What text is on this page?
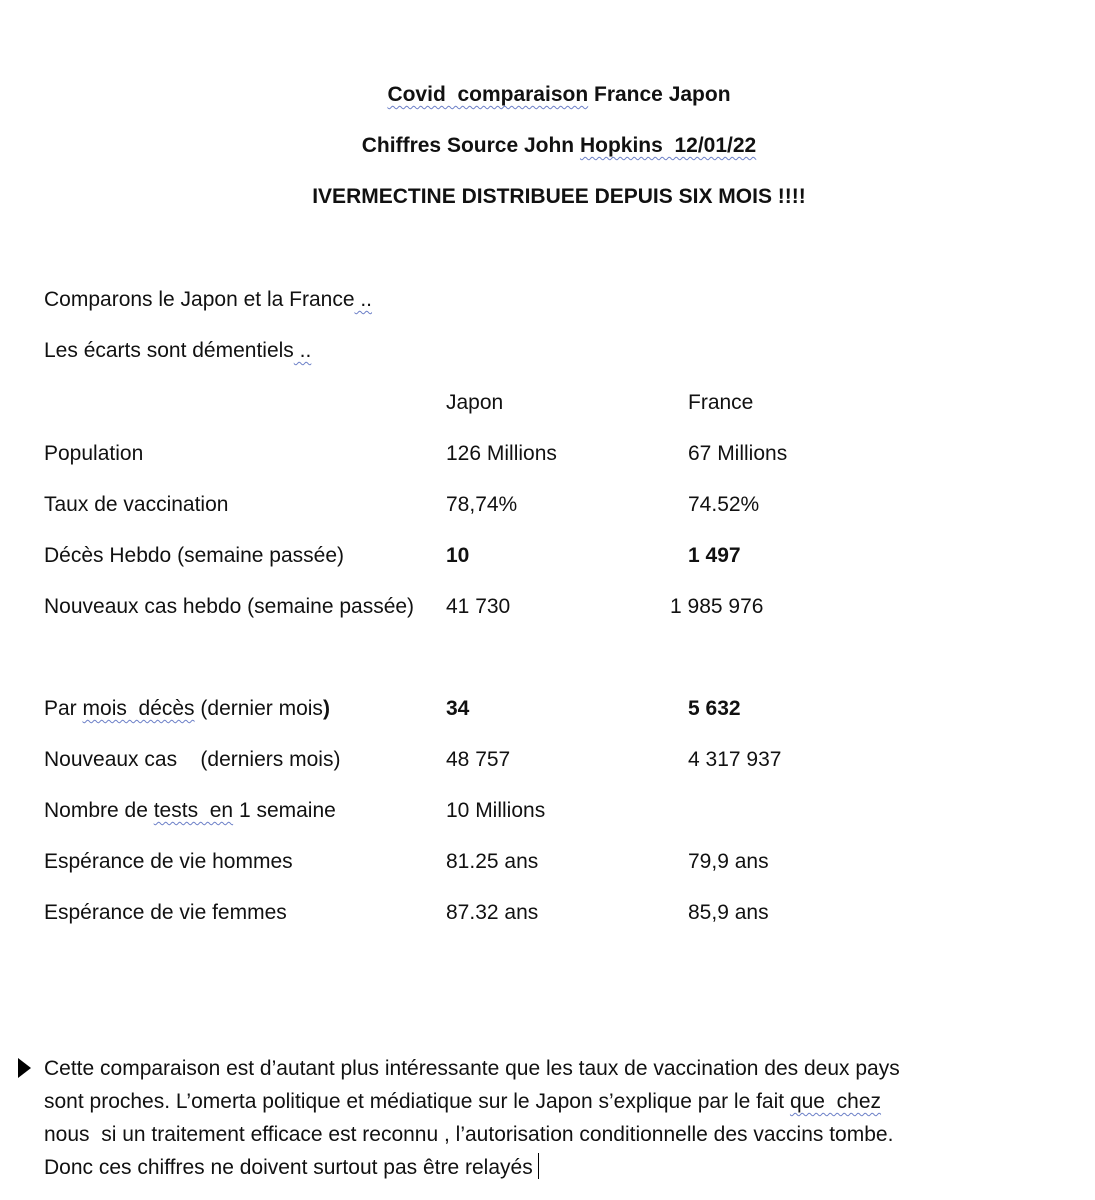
Covid  comparaison France Japon
Chiffres Source John Hopkins  12/01/22
IVERMECTINE DISTRIBUEE DEPUIS SIX MOIS !!!!
Comparons le Japon et la France ..
Les écarts sont démentiels ..
Japon	France
Population	126 Millions	67 Millions
Taux de vaccination	78,74%	74.52%
Décès Hebdo (semaine passée)	10	1 497
Nouveaux cas hebdo (semaine passée) 41 730	1 985 976
Par mois  décès (dernier mois)	34	5 632
Nouveaux cas    (derniers mois)	48 757	4 317 937
Nombre de tests  en 1 semaine	10 Millions
Espérance de vie hommes	81.25 ans	79,9 ans
Espérance de vie femmes	87.32 ans	85,9 ans
Cette comparaison est d’autant plus intéressante que les taux de vaccination des deux pays
sont proches. L’omerta politique et médiatique sur le Japon s’explique par le fait que  chez
nous  si un traitement efficace est reconnu , l’autorisation conditionnelle des vaccins tombe.
Donc ces chiffres ne doivent surtout pas être relayés
